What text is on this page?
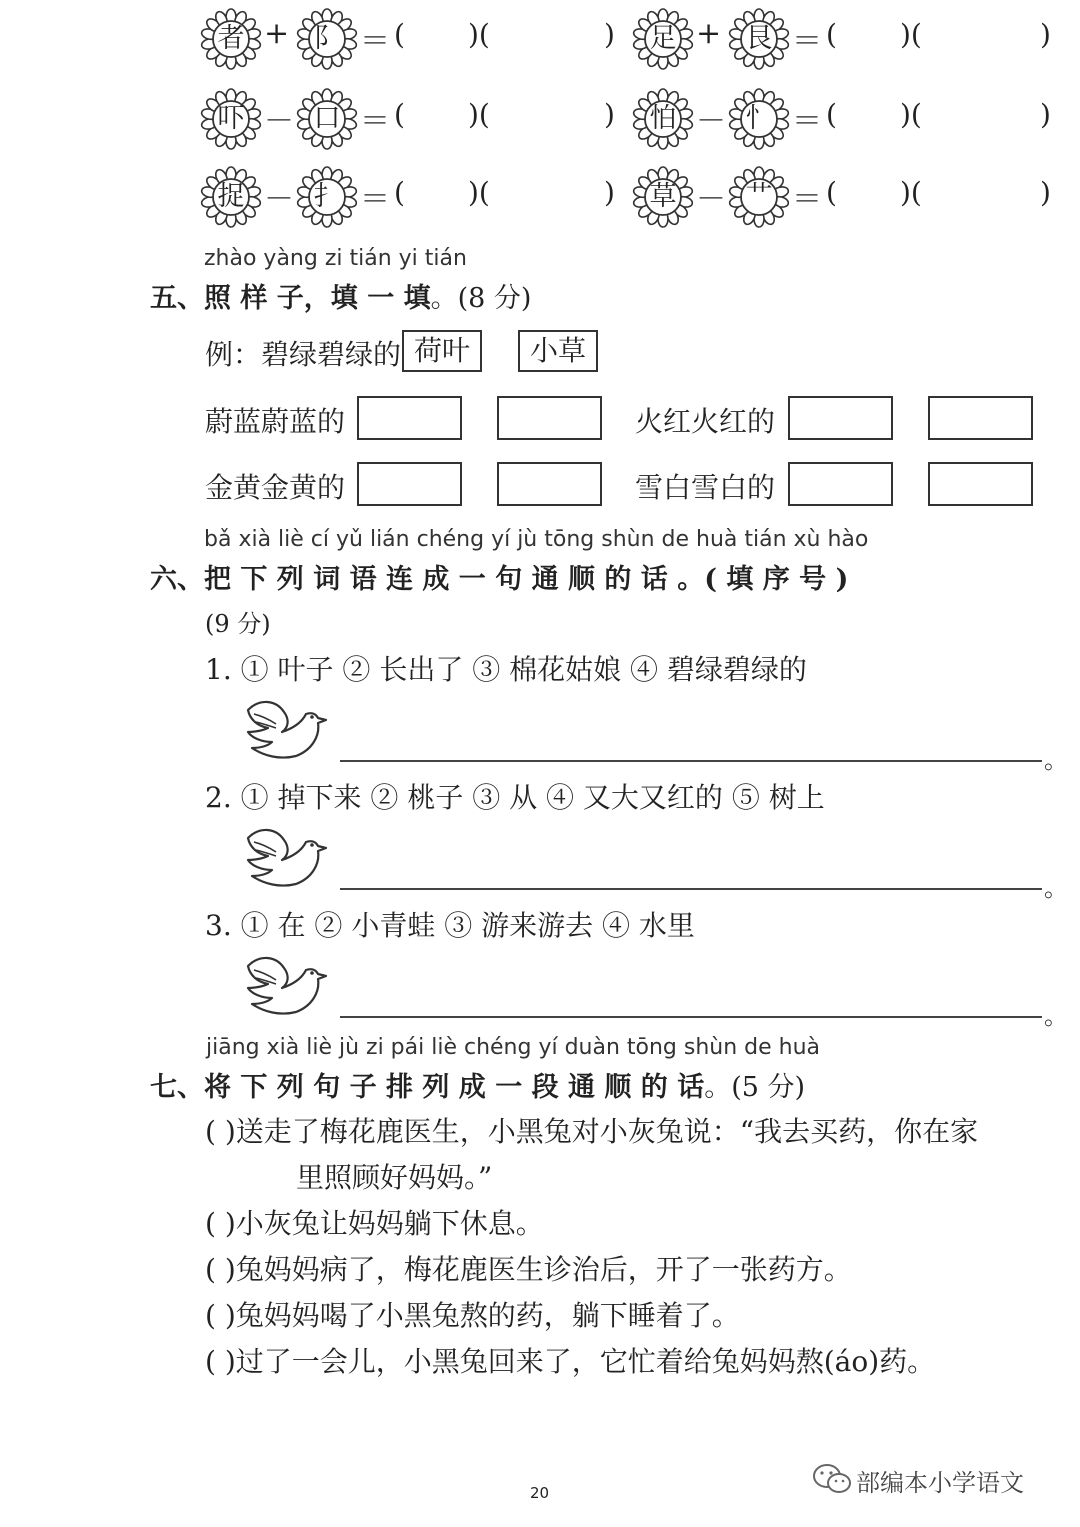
者 + 阝 ＝ ( )(	)	足 + 艮 ＝ ( )(	)
吓 － 口 ＝ ( )(	)	怕 － 忄 ＝ ( )(	)
捉 － 扌 ＝ ( )(	)	草 － 艹 ＝ ( )(	)
zhào yàng zi tián yi tián
五、照 样 子，填 一 填。(8 分)
例：碧绿碧绿的 荷叶	小草
蔚蓝蔚蓝的	火红火红的
金黄金黄的	雪白雪白的
bǎ xià liè cí yǔ lián chéng yí jù tōng shùn de huà tián xù hào
六、把 下 列 词 语 连 成 一 句 通 顺 的 话 。( 填 序 号 )
(9 分)
1. ① 叶子 ② 长出了 ③ 棉花姑娘 ④ 碧绿碧绿的
2. ① 掉下来 ② 桃子 ③ 从 ④ 又大又红的 ⑤ 树上
3. ① 在 ② 小青蛙 ③ 游来游去 ④ 水里
。
。
。
jiāng xià liè jù zi pái liè chéng yí duàn tōng shùn de huà
七、将 下 列 句 子 排 列 成 一 段 通 顺 的 话。(5 分)
( )送走了梅花鹿医生，小黑兔对小灰兔说：“我去买药，你在家
里照顾好妈妈。”
( )小灰兔让妈妈躺下休息。
( )兔妈妈病了，梅花鹿医生诊治后，开了一张药方。
( )兔妈妈喝了小黑兔熬的药，躺下睡着了。
( )过了一会儿，小黑兔回来了，它忙着给兔妈妈熬(áo)药。
20	部编本小学语文
